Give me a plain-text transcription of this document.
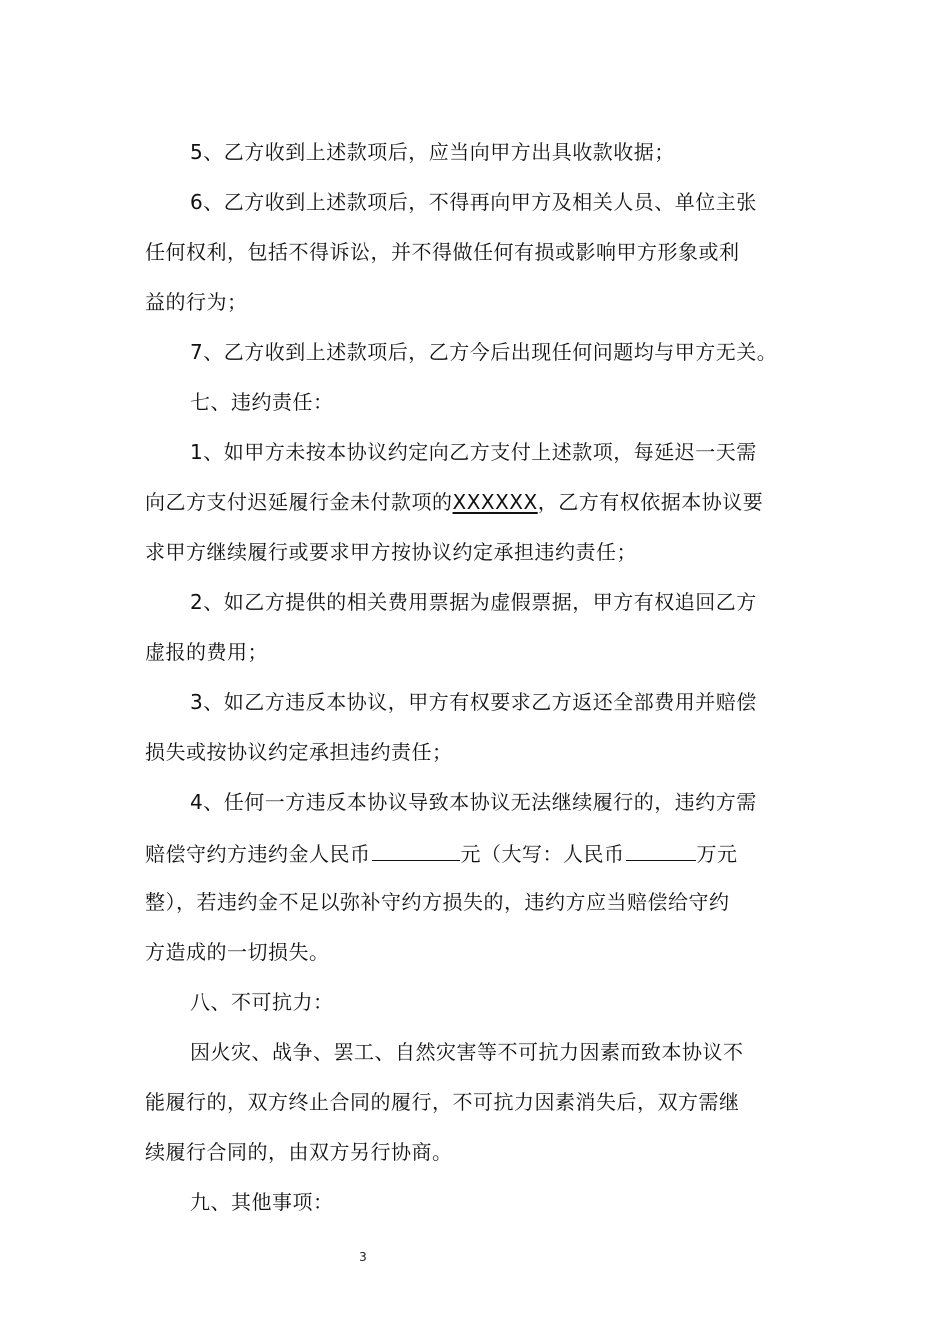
5、乙方收到上述款项后，应当向甲方出具收款收据；
6、乙方收到上述款项后，不得再向甲方及相关人员、单位主张
任何权利，包括不得诉讼，并不得做任何有损或影响甲方形象或利
益的行为；
7、乙方收到上述款项后，乙方今后出现任何问题均与甲方无关。
七、违约责任：
1、如甲方未按本协议约定向乙方支付上述款项，每延迟一天需
向乙方支付迟延履行金未付款项的XXXXXX，乙方有权依据本协议要
求甲方继续履行或要求甲方按协议约定承担违约责任；
2、如乙方提供的相关费用票据为虚假票据，甲方有权追回乙方
虚报的费用；
3、如乙方违反本协议，甲方有权要求乙方返还全部费用并赔偿
损失或按协议约定承担违约责任；
4、任何一方违反本协议导致本协议无法继续履行的，违约方需
赔偿守约方违约金人民币	元（大写：人民币	万元
整），若违约金不足以弥补守约方损失的，违约方应当赔偿给守约
方造成的一切损失。
八、不可抗力：
因火灾、战争、罢工、自然灾害等不可抗力因素而致本协议不
能履行的，双方终止合同的履行，不可抗力因素消失后，双方需继
续履行合同的，由双方另行协商。
九、其他事项：
3
